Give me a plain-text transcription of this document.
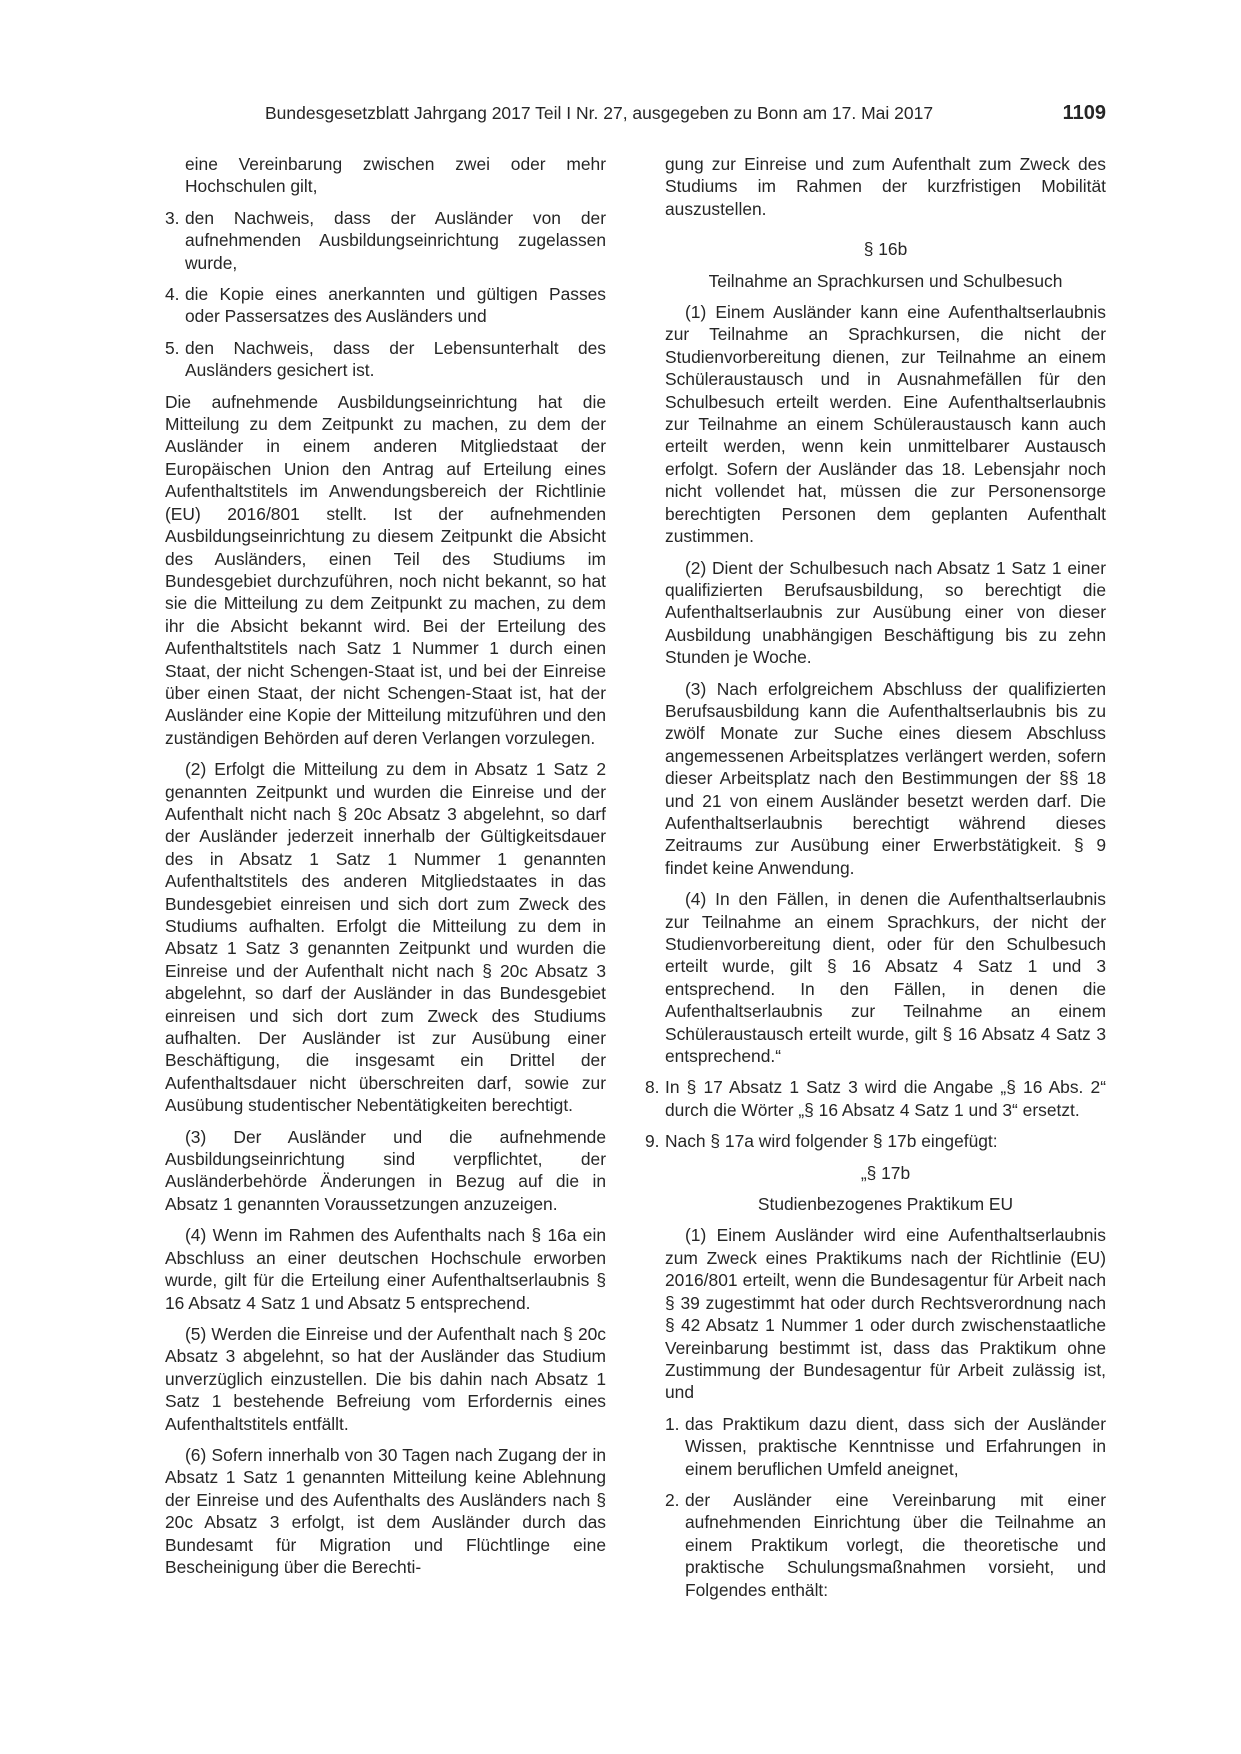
Bundesgesetzblatt Jahrgang 2017 Teil I Nr. 27, ausgegeben zu Bonn am 17. Mai 2017	1109

eine Vereinbarung zwischen zwei oder mehr Hochschulen gilt,

3. den Nachweis, dass der Ausländer von der aufnehmenden Ausbildungseinrichtung zugelassen wurde,
4. die Kopie eines anerkannten und gültigen Passes oder Passersatzes des Ausländers und
5. den Nachweis, dass der Lebensunterhalt des Ausländers gesichert ist.

Die aufnehmende Ausbildungseinrichtung hat die Mitteilung zu dem Zeitpunkt zu machen, zu dem der Ausländer in einem anderen Mitgliedstaat der Europäischen Union den Antrag auf Erteilung eines Aufenthaltstitels im Anwendungsbereich der Richtlinie (EU) 2016/801 stellt. Ist der aufnehmenden Ausbildungseinrichtung zu diesem Zeitpunkt die Absicht des Ausländers, einen Teil des Studiums im Bundesgebiet durchzuführen, noch nicht bekannt, so hat sie die Mitteilung zu dem Zeitpunkt zu machen, zu dem ihr die Absicht bekannt wird. Bei der Erteilung des Aufenthaltstitels nach Satz 1 Nummer 1 durch einen Staat, der nicht Schengen-Staat ist, und bei der Einreise über einen Staat, der nicht Schengen-Staat ist, hat der Ausländer eine Kopie der Mitteilung mitzuführen und den zuständigen Behörden auf deren Verlangen vorzulegen.

(2) Erfolgt die Mitteilung zu dem in Absatz 1 Satz 2 genannten Zeitpunkt und wurden die Einreise und der Aufenthalt nicht nach § 20c Absatz 3 abgelehnt, so darf der Ausländer jederzeit innerhalb der Gültigkeitsdauer des in Absatz 1 Satz 1 Nummer 1 genannten Aufenthaltstitels des anderen Mitgliedstaates in das Bundesgebiet einreisen und sich dort zum Zweck des Studiums aufhalten. Erfolgt die Mitteilung zu dem in Absatz 1 Satz 3 genannten Zeitpunkt und wurden die Einreise und der Aufenthalt nicht nach § 20c Absatz 3 abgelehnt, so darf der Ausländer in das Bundesgebiet einreisen und sich dort zum Zweck des Studiums aufhalten. Der Ausländer ist zur Ausübung einer Beschäftigung, die insgesamt ein Drittel der Aufenthaltsdauer nicht überschreiten darf, sowie zur Ausübung studentischer Nebentätigkeiten berechtigt.

(3) Der Ausländer und die aufnehmende Ausbildungseinrichtung sind verpflichtet, der Ausländerbehörde Änderungen in Bezug auf die in Absatz 1 genannten Voraussetzungen anzuzeigen.

(4) Wenn im Rahmen des Aufenthalts nach § 16a ein Abschluss an einer deutschen Hochschule erworben wurde, gilt für die Erteilung einer Aufenthaltserlaubnis § 16 Absatz 4 Satz 1 und Absatz 5 entsprechend.

(5) Werden die Einreise und der Aufenthalt nach § 20c Absatz 3 abgelehnt, so hat der Ausländer das Studium unverzüglich einzustellen. Die bis dahin nach Absatz 1 Satz 1 bestehende Befreiung vom Erfordernis eines Aufenthaltstitels entfällt.

(6) Sofern innerhalb von 30 Tagen nach Zugang der in Absatz 1 Satz 1 genannten Mitteilung keine Ablehnung der Einreise und des Aufenthalts des Ausländers nach § 20c Absatz 3 erfolgt, ist dem Ausländer durch das Bundesamt für Migration und Flüchtlinge eine Bescheinigung über die Berechti-

gung zur Einreise und zum Aufenthalt zum Zweck des Studiums im Rahmen der kurzfristigen Mobilität auszustellen.

§ 16b

Teilnahme an Sprachkursen und Schulbesuch

(1) Einem Ausländer kann eine Aufenthaltserlaubnis zur Teilnahme an Sprachkursen, die nicht der Studienvorbereitung dienen, zur Teilnahme an einem Schüleraustausch und in Ausnahmefällen für den Schulbesuch erteilt werden. Eine Aufenthaltserlaubnis zur Teilnahme an einem Schüleraustausch kann auch erteilt werden, wenn kein unmittelbarer Austausch erfolgt. Sofern der Ausländer das 18. Lebensjahr noch nicht vollendet hat, müssen die zur Personensorge berechtigten Personen dem geplanten Aufenthalt zustimmen.

(2) Dient der Schulbesuch nach Absatz 1 Satz 1 einer qualifizierten Berufsausbildung, so berechtigt die Aufenthaltserlaubnis zur Ausübung einer von dieser Ausbildung unabhängigen Beschäftigung bis zu zehn Stunden je Woche.

(3) Nach erfolgreichem Abschluss der qualifizierten Berufsausbildung kann die Aufenthaltserlaubnis bis zu zwölf Monate zur Suche eines diesem Abschluss angemessenen Arbeitsplatzes verlängert werden, sofern dieser Arbeitsplatz nach den Bestimmungen der §§ 18 und 21 von einem Ausländer besetzt werden darf. Die Aufenthaltserlaubnis berechtigt während dieses Zeitraums zur Ausübung einer Erwerbstätigkeit. § 9 findet keine Anwendung.

(4) In den Fällen, in denen die Aufenthaltserlaubnis zur Teilnahme an einem Sprachkurs, der nicht der Studienvorbereitung dient, oder für den Schulbesuch erteilt wurde, gilt § 16 Absatz 4 Satz 1 und 3 entsprechend. In den Fällen, in denen die Aufenthaltserlaubnis zur Teilnahme an einem Schüleraustausch erteilt wurde, gilt § 16 Absatz 4 Satz 3 entsprechend.“

8. In § 17 Absatz 1 Satz 3 wird die Angabe „§ 16 Abs. 2“ durch die Wörter „§ 16 Absatz 4 Satz 1 und 3“ ersetzt.
9. Nach § 17a wird folgender § 17b eingefügt:

„§ 17b

Studienbezogenes Praktikum EU

(1) Einem Ausländer wird eine Aufenthaltserlaubnis zum Zweck eines Praktikums nach der Richtlinie (EU) 2016/801 erteilt, wenn die Bundesagentur für Arbeit nach § 39 zugestimmt hat oder durch Rechtsverordnung nach § 42 Absatz 1 Nummer 1 oder durch zwischenstaatliche Vereinbarung bestimmt ist, dass das Praktikum ohne Zustimmung der Bundesagentur für Arbeit zulässig ist, und

1. das Praktikum dazu dient, dass sich der Ausländer Wissen, praktische Kenntnisse und Erfahrungen in einem beruflichen Umfeld aneignet,
2. der Ausländer eine Vereinbarung mit einer aufnehmenden Einrichtung über die Teilnahme an einem Praktikum vorlegt, die theoretische und praktische Schulungsmaßnahmen vorsieht, und Folgendes enthält:
